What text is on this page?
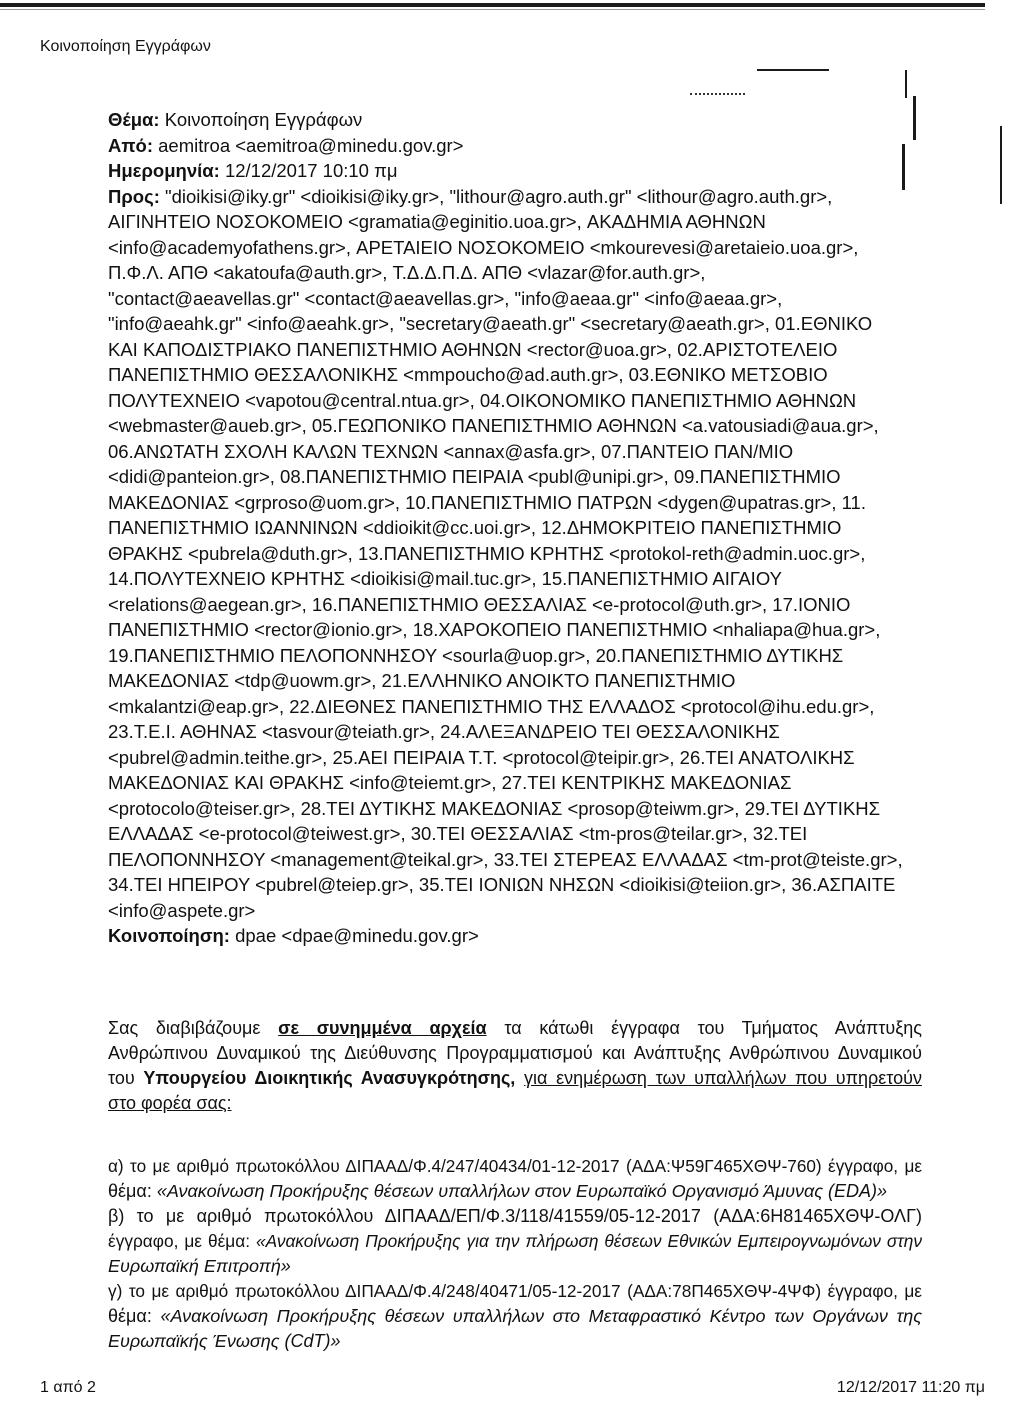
Κοινοποίηση Εγγράφων
Θέμα: Κοινοποίηση Εγγράφων
Από: aemitroa <aemitroa@minedu.gov.gr>
Ημερομηνία: 12/12/2017 10:10 πμ
Προς: "dioikisi@iky.gr" <dioikisi@iky.gr>, "lithour@agro.auth.gr" <lithour@agro.auth.gr>,
ΑΙΓΙΝΗΤΕΙΟ ΝΟΣΟΚΟΜΕΙΟ <gramatia@eginitio.uoa.gr>, ΑΚΑΔΗΜΙΑ ΑΘΗΝΩΝ
<info@academyofathens.gr>, ΑΡΕΤΑΙΕΙΟ ΝΟΣΟΚΟΜΕΙΟ <mkourevesi@aretaieio.uoa.gr>,
Π.Φ.Λ. ΑΠΘ <akatoufa@auth.gr>, Τ.Δ.Δ.Π.Δ. ΑΠΘ <vlazar@for.auth.gr>,
"contact@aeavellas.gr" <contact@aeavellas.gr>, "info@aeaa.gr" <info@aeaa.gr>,
"info@aeahk.gr" <info@aeahk.gr>, "secretary@aeath.gr" <secretary@aeath.gr>, 01.ΕΘΝΙΚΟ
ΚΑΙ ΚΑΠΟΔΙΣΤΡΙΑΚΟ ΠΑΝΕΠΙΣΤΗΜΙΟ ΑΘΗΝΩΝ <rector@uoa.gr>, 02.ΑΡΙΣΤΟΤΕΛΕΙΟ
ΠΑΝΕΠΙΣΤΗΜΙΟ ΘΕΣΣΑΛΟΝΙΚΗΣ <mmpoucho@ad.auth.gr>, 03.ΕΘΝΙΚΟ ΜΕΤΣΟΒΙΟ
ΠΟΛΥΤΕΧΝΕΙΟ <vapotou@central.ntua.gr>, 04.ΟΙΚΟΝΟΜΙΚΟ ΠΑΝΕΠΙΣΤΗΜΙΟ ΑΘΗΝΩΝ
<webmaster@aueb.gr>, 05.ΓΕΩΠΟΝΙΚΟ ΠΑΝΕΠΙΣΤΗΜΙΟ ΑΘΗΝΩΝ <a.vatousiadi@aua.gr>,
06.ΑΝΩΤΑΤΗ ΣΧΟΛΗ ΚΑΛΩΝ ΤΕΧΝΩΝ <annax@asfa.gr>, 07.ΠΑΝΤΕΙΟ ΠΑΝ/ΜΙΟ
<didi@panteion.gr>, 08.ΠΑΝΕΠΙΣΤΗΜΙΟ ΠΕΙΡΑΙΑ <publ@unipi.gr>, 09.ΠΑΝΕΠΙΣΤΗΜΙΟ
ΜΑΚΕΔΟΝΙΑΣ <grproso@uom.gr>, 10.ΠΑΝΕΠΙΣΤΗΜΙΟ ΠΑΤΡΩΝ <dygen@upatras.gr>, 11.
ΠΑΝΕΠΙΣΤΗΜΙΟ ΙΩΑΝΝΙΝΩΝ <ddioikit@cc.uoi.gr>, 12.ΔΗΜΟΚΡΙΤΕΙΟ ΠΑΝΕΠΙΣΤΗΜΙΟ
ΘΡΑΚΗΣ <pubrela@duth.gr>, 13.ΠΑΝΕΠΙΣΤΗΜΙΟ ΚΡΗΤΗΣ <protokol-reth@admin.uoc.gr>,
14.ΠΟΛΥΤΕΧΝΕΙΟ ΚΡΗΤΗΣ <dioikisi@mail.tuc.gr>, 15.ΠΑΝΕΠΙΣΤΗΜΙΟ ΑΙΓΑΙΟΥ
<relations@aegean.gr>, 16.ΠΑΝΕΠΙΣΤΗΜΙΟ ΘΕΣΣΑΛΙΑΣ <e-protocol@uth.gr>, 17.ΙΟΝΙΟ
ΠΑΝΕΠΙΣΤΗΜΙΟ <rector@ionio.gr>, 18.ΧΑΡΟΚΟΠΕΙΟ ΠΑΝΕΠΙΣΤΗΜΙΟ <nhaliapa@hua.gr>,
19.ΠΑΝΕΠΙΣΤΗΜΙΟ ΠΕΛΟΠΟΝΝΗΣΟΥ <sourla@uop.gr>, 20.ΠΑΝΕΠΙΣΤΗΜΙΟ ΔΥΤΙΚΗΣ
ΜΑΚΕΔΟΝΙΑΣ <tdp@uowm.gr>, 21.ΕΛΛΗΝΙΚΟ ΑΝΟΙΚΤΟ ΠΑΝΕΠΙΣΤΗΜΙΟ
<mkalantzi@eap.gr>, 22.ΔΙΕΘΝΕΣ ΠΑΝΕΠΙΣΤΗΜΙΟ ΤΗΣ ΕΛΛΑΔΟΣ <protocol@ihu.edu.gr>,
23.Τ.Ε.Ι. ΑΘΗΝΑΣ <tasvour@teiath.gr>, 24.ΑΛΕΞΑΝΔΡΕΙΟ ΤΕΙ ΘΕΣΣΑΛΟΝΙΚΗΣ
<pubrel@admin.teithe.gr>, 25.ΑΕΙ ΠΕΙΡΑΙΑ Τ.Τ. <protocol@teipir.gr>, 26.ΤΕΙ ΑΝΑΤΟΛΙΚΗΣ
ΜΑΚΕΔΟΝΙΑΣ ΚΑΙ ΘΡΑΚΗΣ <info@teiemt.gr>, 27.ΤΕΙ ΚΕΝΤΡΙΚΗΣ ΜΑΚΕΔΟΝΙΑΣ
<protocolo@teiser.gr>, 28.ΤΕΙ ΔΥΤΙΚΗΣ ΜΑΚΕΔΟΝΙΑΣ <prosop@teiwm.gr>, 29.ΤΕΙ ΔΥΤΙΚΗΣ
ΕΛΛΑΔΑΣ <e-protocol@teiwest.gr>, 30.ΤΕΙ ΘΕΣΣΑΛΙΑΣ <tm-pros@teilar.gr>, 32.ΤΕΙ
ΠΕΛΟΠΟΝΝΗΣΟΥ <management@teikal.gr>, 33.ΤΕΙ ΣΤΕΡΕΑΣ ΕΛΛΑΔΑΣ <tm-prot@teiste.gr>,
34.ΤΕΙ ΗΠΕΙΡΟΥ <pubrel@teiep.gr>, 35.ΤΕΙ ΙΟΝΙΩΝ ΝΗΣΩΝ <dioikisi@teiion.gr>, 36.ΑΣΠΑΙΤΕ
<info@aspete.gr>
Κοινοποίηση: dpae <dpae@minedu.gov.gr>
Σας διαβιβάζουμε σε συνημμένα αρχεία τα κάτωθι έγγραφα του Τμήματος Ανάπτυξης
Ανθρώπινου Δυναμικού της Διεύθυνσης Προγραμματισμού και Ανάπτυξης Ανθρώπινου Δυναμικού
του Υπουργείου Διοικητικής Ανασυγκρότησης, για ενημέρωση των υπαλλήλων που υπηρετούν
στο φορέα σας:
α) το με αριθμό πρωτοκόλλου ΔΙΠΑΑΔ/Φ.4/247/40434/01-12-2017 (ΑΔΑ:Ψ59Γ465ΧΘΨ-760) έγγραφο, με
θέμα: «Ανακοίνωση Προκήρυξης θέσεων υπαλλήλων στον Ευρωπαϊκό Οργανισμό Άμυνας (EDA)»
β) το με αριθμό πρωτοκόλλου ΔΙΠΑΑΔ/ΕΠ/Φ.3/118/41559/05-12-2017 (ΑΔΑ:6Η81465ΧΘΨ-ΟΛΓ)
έγγραφο, με θέμα: «Ανακοίνωση Προκήρυξης για την πλήρωση θέσεων Εθνικών Εμπειρογνωμόνων στην
Ευρωπαϊκή Επιτροπή»
γ) το με αριθμό πρωτοκόλλου ΔΙΠΑΑΔ/Φ.4/248/40471/05-12-2017 (ΑΔΑ:78Π465ΧΘΨ-4ΨΦ) έγγραφο, με
θέμα: «Ανακοίνωση Προκήρυξης θέσεων υπαλλήλων στο Μεταφραστικό Κέντρο των Οργάνων της
Ευρωπαϊκής Ένωσης (CdT)»
1 από 2	12/12/2017 11:20 πμ
